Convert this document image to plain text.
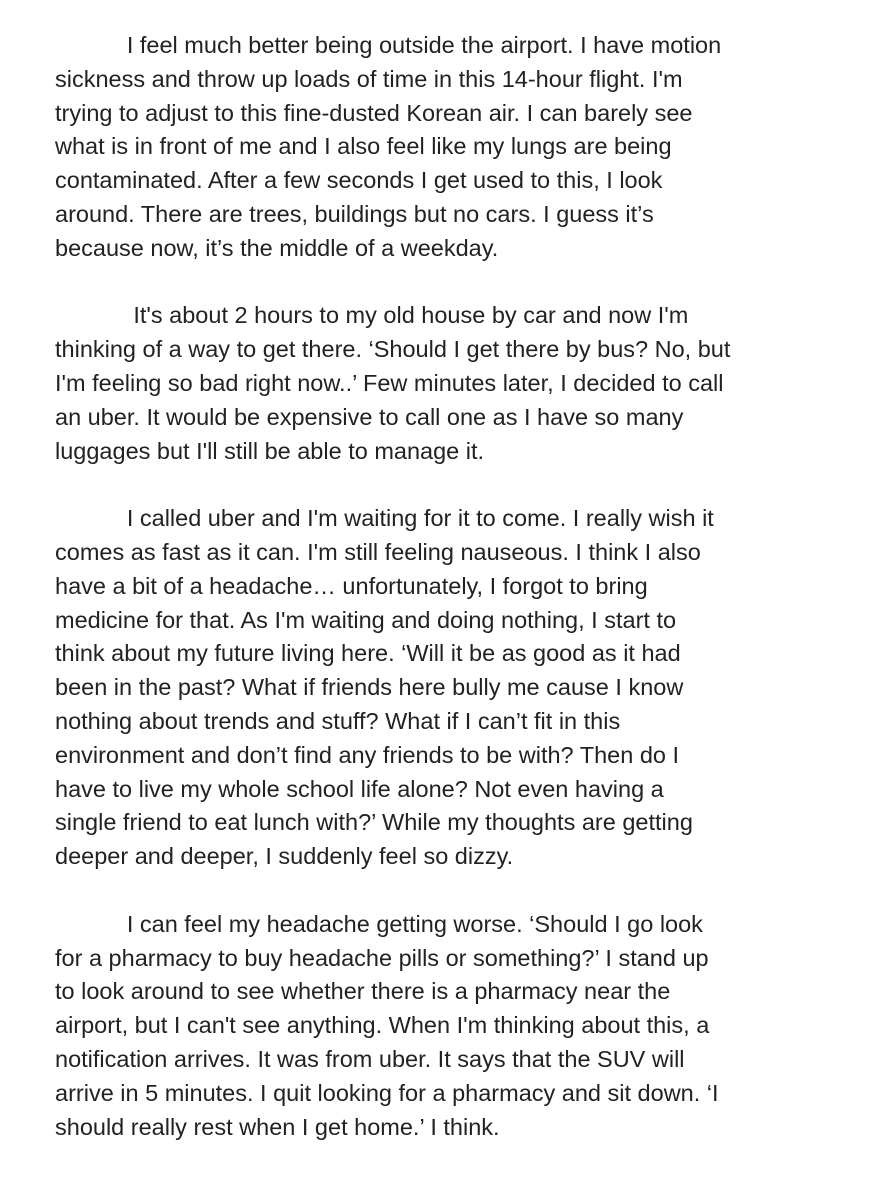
I feel much better being outside the airport. I have motion
sickness and throw up loads of time in this 14-hour flight. I'm
trying to adjust to this fine-dusted Korean air. I can barely see
what is in front of me and I also feel like my lungs are being
contaminated. After a few seconds I get used to this, I look
around. There are trees, buildings but no cars. I guess it’s
because now, it’s the middle of a weekday.
It's about 2 hours to my old house by car and now I'm
thinking of a way to get there. ‘Should I get there by bus? No, but
I'm feeling so bad right now..’ Few minutes later, I decided to call
an uber. It would be expensive to call one as I have so many
luggages but I'll still be able to manage it.
I called uber and I'm waiting for it to come. I really wish it
comes as fast as it can. I'm still feeling nauseous. I think I also
have a bit of a headache… unfortunately, I forgot to bring
medicine for that. As I'm waiting and doing nothing, I start to
think about my future living here. ‘Will it be as good as it had
been in the past? What if friends here bully me cause I know
nothing about trends and stuff? What if I can’t fit in this
environment and don’t find any friends to be with? Then do I
have to live my whole school life alone? Not even having a
single friend to eat lunch with?’ While my thoughts are getting
deeper and deeper, I suddenly feel so dizzy.
I can feel my headache getting worse. ‘Should I go look
for a pharmacy to buy headache pills or something?’ I stand up
to look around to see whether there is a pharmacy near the
airport, but I can't see anything. When I'm thinking about this, a
notification arrives. It was from uber. It says that the SUV will
arrive in 5 minutes. I quit looking for a pharmacy and sit down. ‘I
should really rest when I get home.’ I think.
